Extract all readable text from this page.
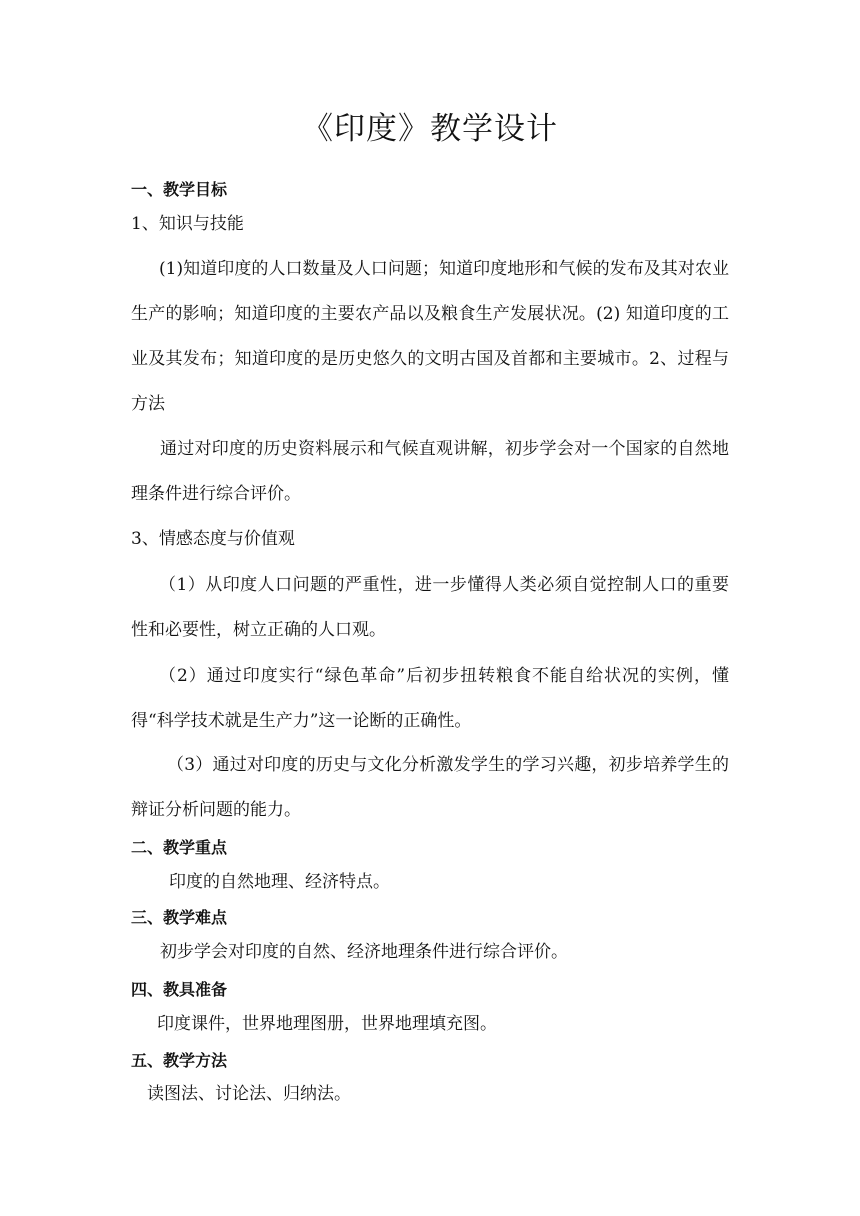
《印度》教学设计
一、教学目标
1、知识与技能

(1)知道印度的人口数量及人口问题；知道印度地形和气候的发布及其对农业生产的影响；知道印度的主要农产品以及粮食生产发展状况。(2) 知道印度的工业及其发布；知道印度的是历史悠久的文明古国及首都和主要城市。2、过程与方法

通过对印度的历史资料展示和气候直观讲解，初步学会对一个国家的自然地理条件进行综合评价。

3、情感态度与价值观

（1）从印度人口问题的严重性，进一步懂得人类必须自觉控制人口的重要性和必要性，树立正确的人口观。

（2）通过印度实行“绿色革命”后初步扭转粮食不能自给状况的实例，懂得“科学技术就是生产力”这一论断的正确性。

（3）通过对印度的历史与文化分析激发学生的学习兴趣，初步培养学生的辩证分析问题的能力。

二、教学重点
印度的自然地理、经济特点。
三、教学难点
初步学会对印度的自然、经济地理条件进行综合评价。
四、教具准备
印度课件，世界地理图册，世界地理填充图。
五、教学方法
读图法、讨论法、归纳法。
